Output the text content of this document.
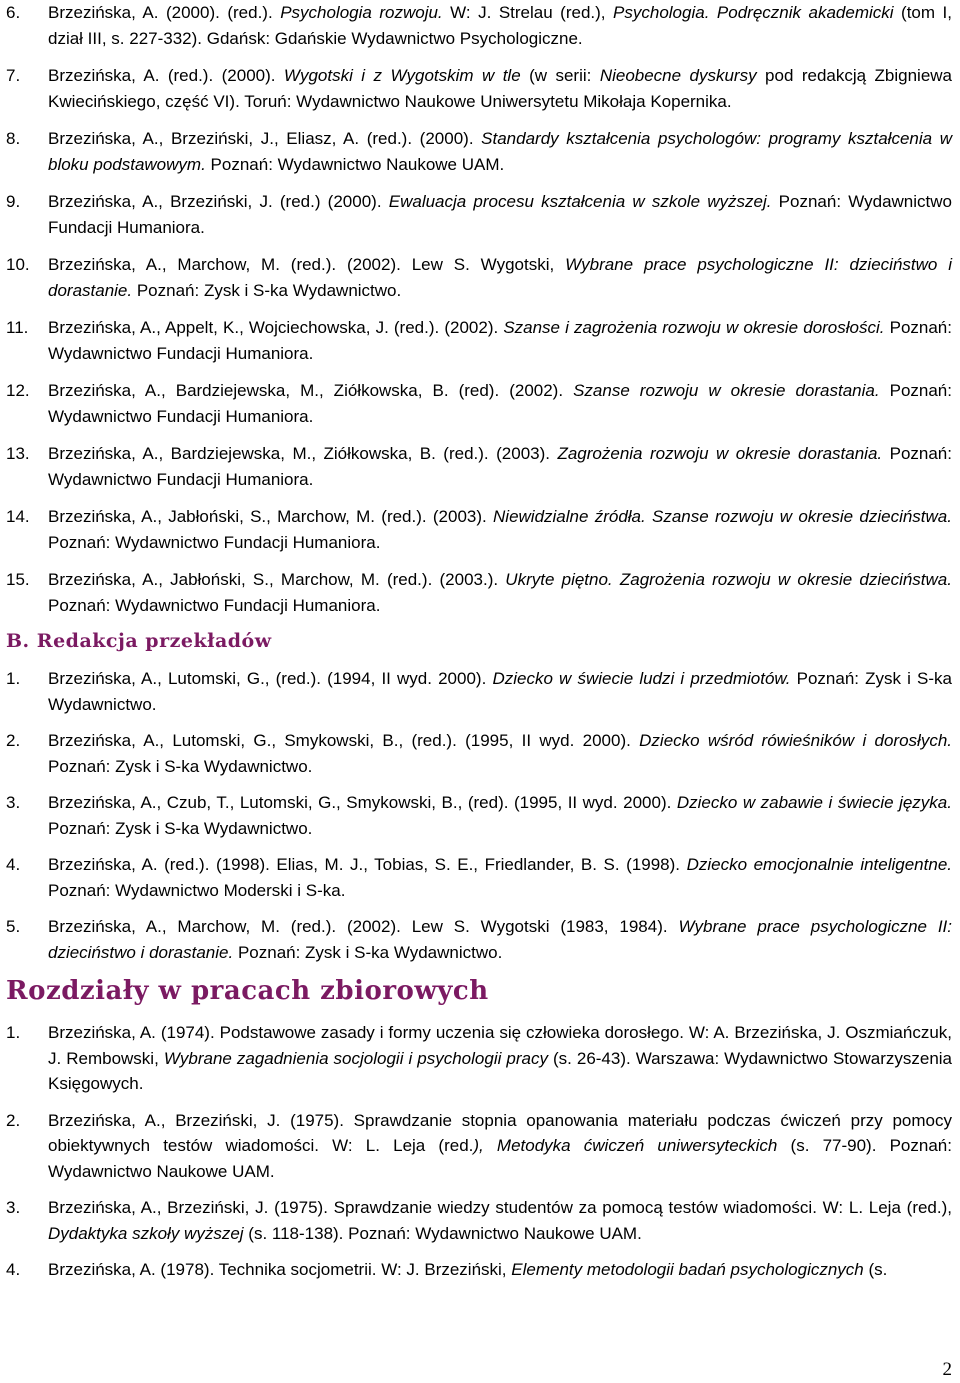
6. Brzezińska, A. (2000). (red.). Psychologia rozwoju. W: J. Strelau (red.), Psychologia. Podręcznik akademicki (tom I, dział III, s. 227-332). Gdańsk: Gdańskie Wydawnictwo Psychologiczne.

7. Brzezińska, A. (red.). (2000). Wygotski i z Wygotskim w tle (w serii: Nieobecne dyskursy pod redakcją Zbigniewa Kwiecińskiego, część VI). Toruń: Wydawnictwo Naukowe Uniwersytetu Mikołaja Kopernika.

8. Brzezińska, A., Brzeziński, J., Eliasz, A. (red.). (2000). Standardy kształcenia psychologów: programy kształcenia w bloku podstawowym. Poznań: Wydawnictwo Naukowe UAM.

9. Brzezińska, A., Brzeziński, J. (red.) (2000). Ewaluacja procesu kształcenia w szkole wyższej. Poznań: Wydawnictwo Fundacji Humaniora.

10. Brzezińska, A., Marchow, M. (red.). (2002). Lew S. Wygotski, Wybrane prace psychologiczne II: dzieciństwo i dorastanie. Poznań: Zysk i S-ka Wydawnictwo.

11. Brzezińska, A., Appelt, K., Wojciechowska, J. (red.). (2002). Szanse i zagrożenia rozwoju w okresie dorosłości. Poznań: Wydawnictwo Fundacji Humaniora.

12. Brzezińska, A., Bardziejewska, M., Ziółkowska, B. (red). (2002). Szanse rozwoju w okresie dorastania. Poznań: Wydawnictwo Fundacji Humaniora.

13. Brzezińska, A., Bardziejewska, M., Ziółkowska, B. (red.). (2003). Zagrożenia rozwoju w okresie dorastania. Poznań: Wydawnictwo Fundacji Humaniora.

14. Brzezińska, A., Jabłoński, S., Marchow, M. (red.). (2003). Niewidzialne źródła. Szanse rozwoju w okresie dzieciństwa. Poznań: Wydawnictwo Fundacji Humaniora.

15. Brzezińska, A., Jabłoński, S., Marchow, M. (red.). (2003.). Ukryte piętno. Zagrożenia rozwoju w okresie dzieciństwa. Poznań: Wydawnictwo Fundacji Humaniora.

B. Redakcja przekładów

1. Brzezińska, A., Lutomski, G., (red.). (1994, II wyd. 2000). Dziecko w świecie ludzi i przedmiotów. Poznań: Zysk i S-ka Wydawnictwo.

2. Brzezińska, A., Lutomski, G., Smykowski, B., (red.). (1995, II wyd. 2000). Dziecko wśród rówieśników i dorosłych. Poznań: Zysk i S-ka Wydawnictwo.

3. Brzezińska, A., Czub, T., Lutomski, G., Smykowski, B., (red). (1995, II wyd. 2000). Dziecko w zabawie i świecie języka. Poznań: Zysk i S-ka Wydawnictwo.

4. Brzezińska, A. (red.). (1998). Elias, M. J., Tobias, S. E., Friedlander, B. S. (1998). Dziecko emocjonalnie inteligentne. Poznań: Wydawnictwo Moderski i S-ka.

5. Brzezińska, A., Marchow, M. (red.). (2002). Lew S. Wygotski (1983, 1984). Wybrane prace psychologiczne II: dzieciństwo i dorastanie. Poznań: Zysk i S-ka Wydawnictwo.

Rozdziały w pracach zbiorowych

1. Brzezińska, A. (1974). Podstawowe zasady i formy uczenia się człowieka dorosłego. W: A. Brzezińska, J. Oszmiańczuk, J. Rembowski, Wybrane zagadnienia socjologii i psychologii pracy (s. 26-43). Warszawa: Wydawnictwo Stowarzyszenia Księgowych.

2. Brzezińska, A., Brzeziński, J. (1975). Sprawdzanie stopnia opanowania materiału podczas ćwiczeń przy pomocy obiektywnych testów wiadomości. W: L. Leja (red.), Metodyka ćwiczeń uniwersyteckich (s. 77-90). Poznań: Wydawnictwo Naukowe UAM.

3. Brzezińska, A., Brzeziński, J. (1975). Sprawdzanie wiedzy studentów za pomocą testów wiadomości. W: L. Leja (red.), Dydaktyka szkoły wyższej (s. 118-138). Poznań: Wydawnictwo Naukowe UAM.

4. Brzezińska, A. (1978). Technika socjometrii. W: J. Brzeziński, Elementy metodologii badań psychologicznych (s.

2
